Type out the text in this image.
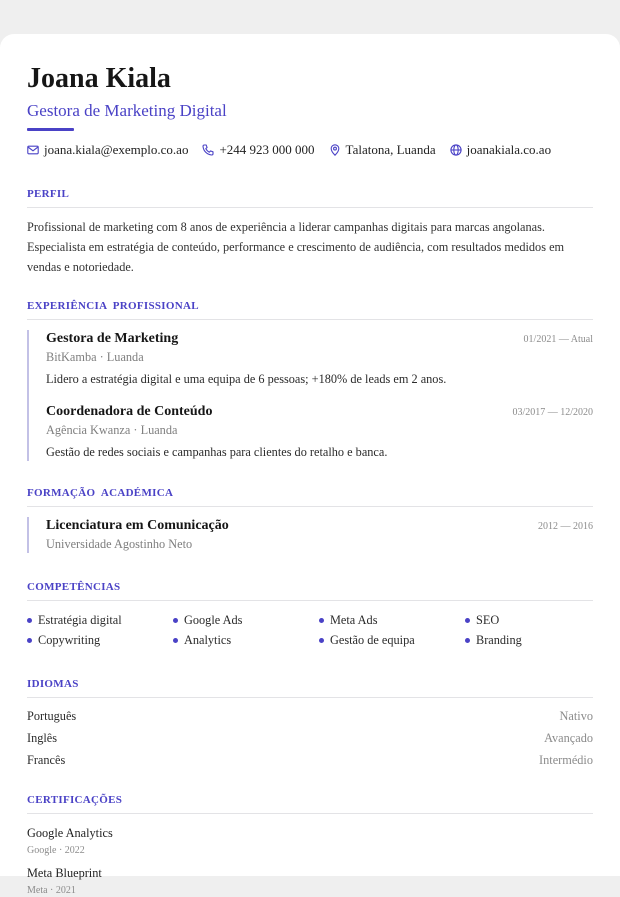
Joana Kiala
Gestora de Marketing Digital
joana.kiala@exemplo.co.ao +244 923 000 000 Talatona, Luanda joanakiala.co.ao
PERFIL
Profissional de marketing com 8 anos de experiência a liderar campanhas digitais para marcas angolanas. Especialista em estratégia de conteúdo, performance e crescimento de audiência, com resultados medidos em vendas e notoriedade.
EXPERIÊNCIA PROFISSIONAL
Gestora de Marketing	01/2021 — Atual
BitKamba · Luanda
Lidero a estratégia digital e uma equipa de 6 pessoas; +180% de leads em 2 anos.
Coordenadora de Conteúdo	03/2017 — 12/2020
Agência Kwanza · Luanda
Gestão de redes sociais e campanhas para clientes do retalho e banca.
FORMAÇÃO ACADÉMICA
Licenciatura em Comunicação	2012 — 2016
Universidade Agostinho Neto
COMPETÊNCIAS
Estratégia digital	Google Ads	Meta Ads	SEO
Copywriting	Analytics	Gestão de equipa	Branding
IDIOMAS
Português	Nativo
Inglês	Avançado
Francês	Intermédio
CERTIFICAÇÕES
Google Analytics
Google · 2022
Meta Blueprint
Meta · 2021
